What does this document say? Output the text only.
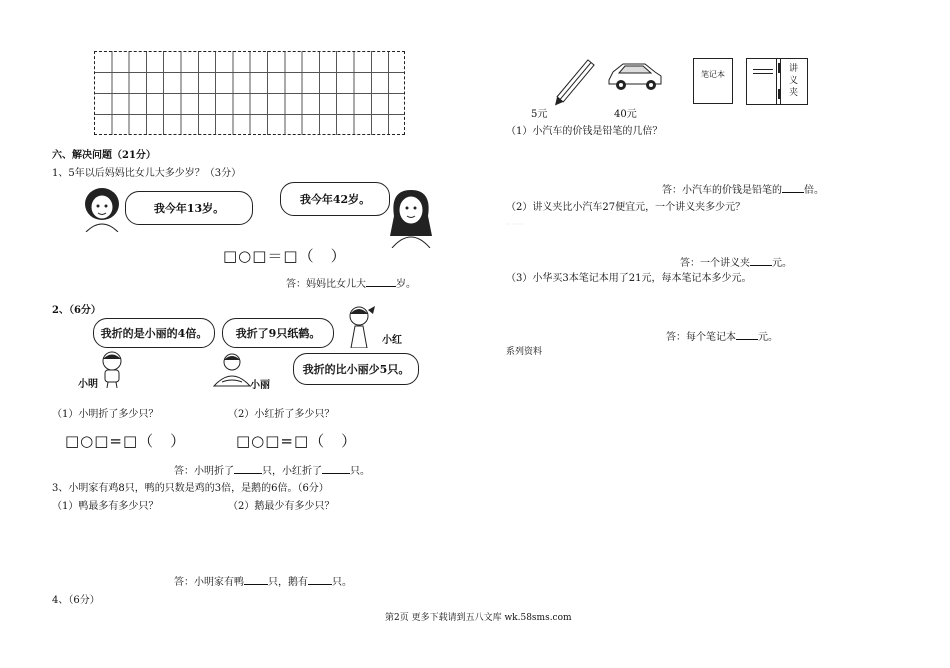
六、解决问题（21分）
1、5年以后妈妈比女儿大多少岁？（3分）
我今年13岁。
我今年42岁。
□○□＝□（　）
答：妈妈比女儿大	岁。
2、（6分）
我折的是小丽的4倍。	我折了9只纸鹤。
我折的比小丽少5只。
小明	小丽
小红
（1）小明折了多少只？	（2）小红折了多少只？
□○□=□（　）	□○□=□（　）
答：小明折了	只，小红折了	只。
3、小明家有鸡8只，鸭的只数是鸡的3倍，是鹅的6倍。（6分）
（1）鸭最多有多少只？	（2）鹅最少有多少只？
答：小明家有鸭 只，鹅有 只。
4、（6分）
笔记本
讲
义
夹
5元	40元
（1）小汽车的价钱是铅笔的几倍？
答：小汽车的价钱是铅笔的 倍。
（2）讲义夹比小汽车27便宜元，一个讲义夹多少元？
·······
答：一个讲义夹 元。
（3）小华买3本笔记本用了21元，每本笔记本多少元。
答：每个笔记本 元。
系列资料
第2页 更多下载请到五八文库 wk.58sms.com
